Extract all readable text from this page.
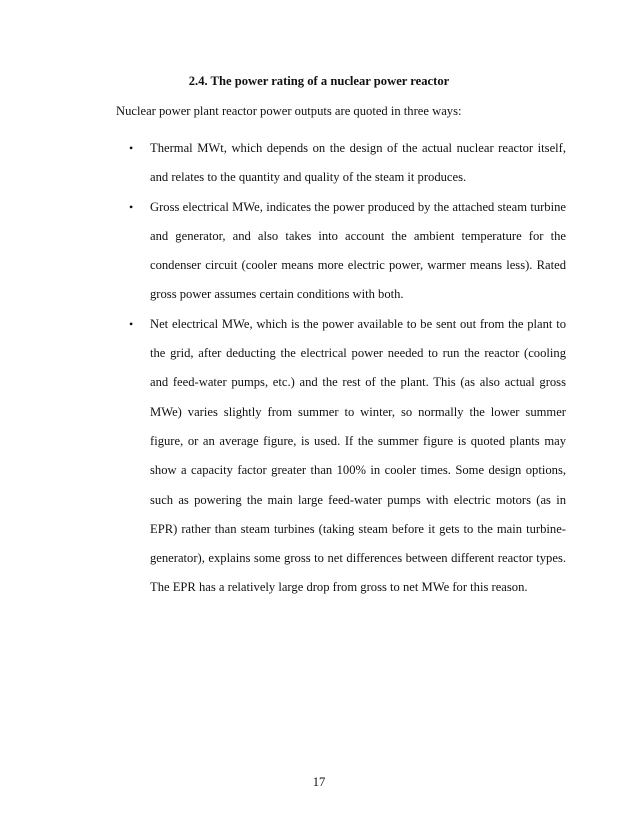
2.4. The power rating of a nuclear power reactor

Nuclear power plant reactor power outputs are quoted in three ways:

•	Thermal MWt, which depends on the design of the actual nuclear reactor itself,
and relates to the quantity and quality of the steam it produces.
•	Gross electrical MWe, indicates the power produced by the attached steam turbine
and generator, and also takes into account the ambient temperature for the
condenser circuit (cooler means more electric power, warmer means less). Rated
gross power assumes certain conditions with both.
•	Net electrical MWe, which is the power available to be sent out from the plant to
the grid, after deducting the electrical power needed to run the reactor (cooling
and feed-water pumps, etc.) and the rest of the plant. This (as also actual gross
MWe) varies slightly from summer to winter, so normally the lower summer
figure, or an average figure, is used. If the summer figure is quoted plants may
show a capacity factor greater than 100% in cooler times. Some design options,
such as powering the main large feed-water pumps with electric motors (as in
EPR) rather than steam turbines (taking steam before it gets to the main turbine-
generator), explains some gross to net differences between different reactor types.
The EPR has a relatively large drop from gross to net MWe for this reason.
17
